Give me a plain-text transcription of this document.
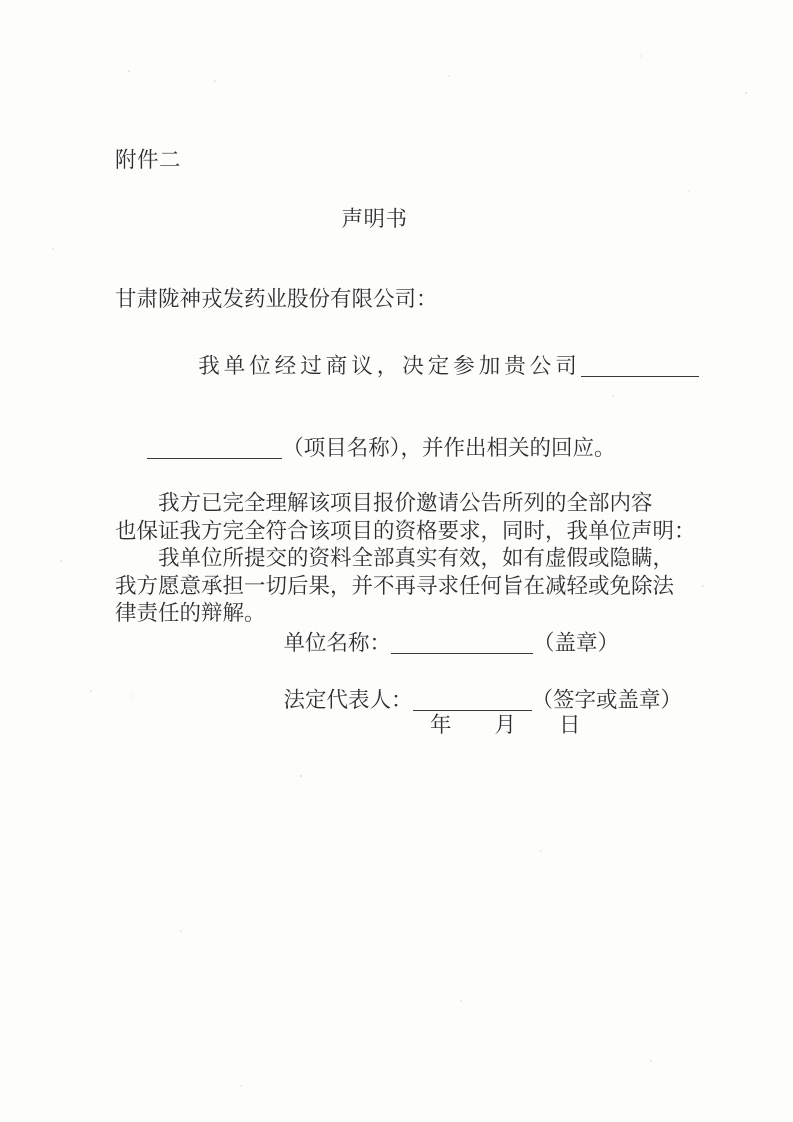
附件二
声明书
甘肃陇神戎发药业股份有限公司：

　　我单位经过商议，决定参加贵公司

（项目名称），并作出相关的回应。

　　我方已完全理解该项目报价邀请公告所列的全部内容
也保证我方完全符合该项目的资格要求，同时，我单位声明：
　　我单位所提交的资料全部真实有效，如有虚假或隐瞒，
我方愿意承担一切后果，并不再寻求任何旨在减轻或免除法
律责任的辩解。

单位名称：	（盖章）

法定代表人：	（签字或盖章）

年　　月　　日
